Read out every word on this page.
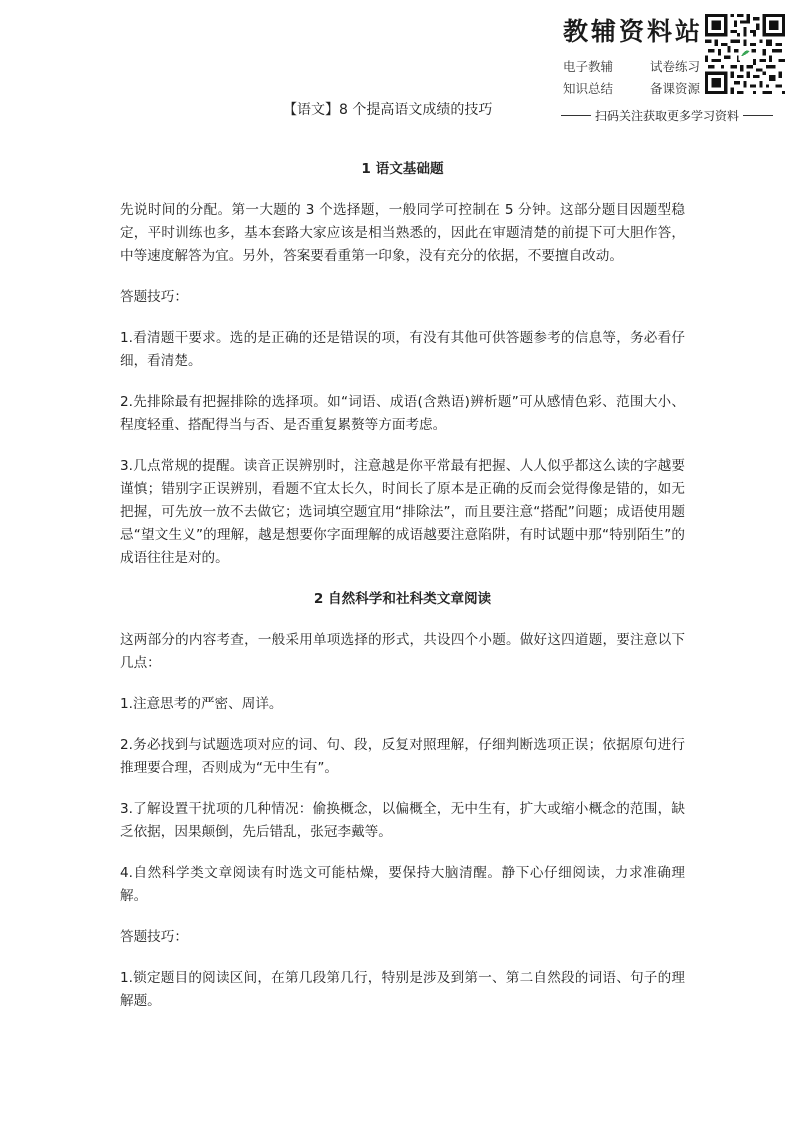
教辅资料站
电子教辅	试卷练习
知识总结	备课资源
扫码关注获取更多学习资料
【语文】8 个提高语文成绩的技巧
1 语文基础题

先说时间的分配。第一大题的 3 个选择题，一般同学可控制在 5 分钟。这部分题目因题型稳定，平时训练也多，基本套路大家应该是相当熟悉的，因此在审题清楚的前提下可大胆作答，中等速度解答为宜。另外，答案要看重第一印象，没有充分的依据，不要擅自改动。

答题技巧：

1.看清题干要求。选的是正确的还是错误的项，有没有其他可供答题参考的信息等，务必看仔细，看清楚。

2.先排除最有把握排除的选择项。如“词语、成语(含熟语)辨析题”可从感情色彩、范围大小、程度轻重、搭配得当与否、是否重复累赘等方面考虑。

3.几点常规的提醒。读音正误辨别时，注意越是你平常最有把握、人人似乎都这么读的字越要谨慎；错别字正误辨别，看题不宜太长久，时间长了原本是正确的反而会觉得像是错的，如无把握，可先放一放不去做它；选词填空题宜用“排除法”，而且要注意“搭配”问题；成语使用题忌“望文生义”的理解，越是想要你字面理解的成语越要注意陷阱，有时试题中那“特别陌生”的成语往往是对的。

2 自然科学和社科类文章阅读

这两部分的内容考查，一般采用单项选择的形式，共设四个小题。做好这四道题，要注意以下几点：

1.注意思考的严密、周详。

2.务必找到与试题选项对应的词、句、段，反复对照理解，仔细判断选项正误；依据原句进行推理要合理，否则成为“无中生有”。

3.了解设置干扰项的几种情况：偷换概念，以偏概全，无中生有，扩大或缩小概念的范围，缺乏依据，因果颠倒，先后错乱，张冠李戴等。

4.自然科学类文章阅读有时选文可能枯燥，要保持大脑清醒。静下心仔细阅读，力求准确理解。

答题技巧：

1.锁定题目的阅读区间，在第几段第几行，特别是涉及到第一、第二自然段的词语、句子的理解题。
